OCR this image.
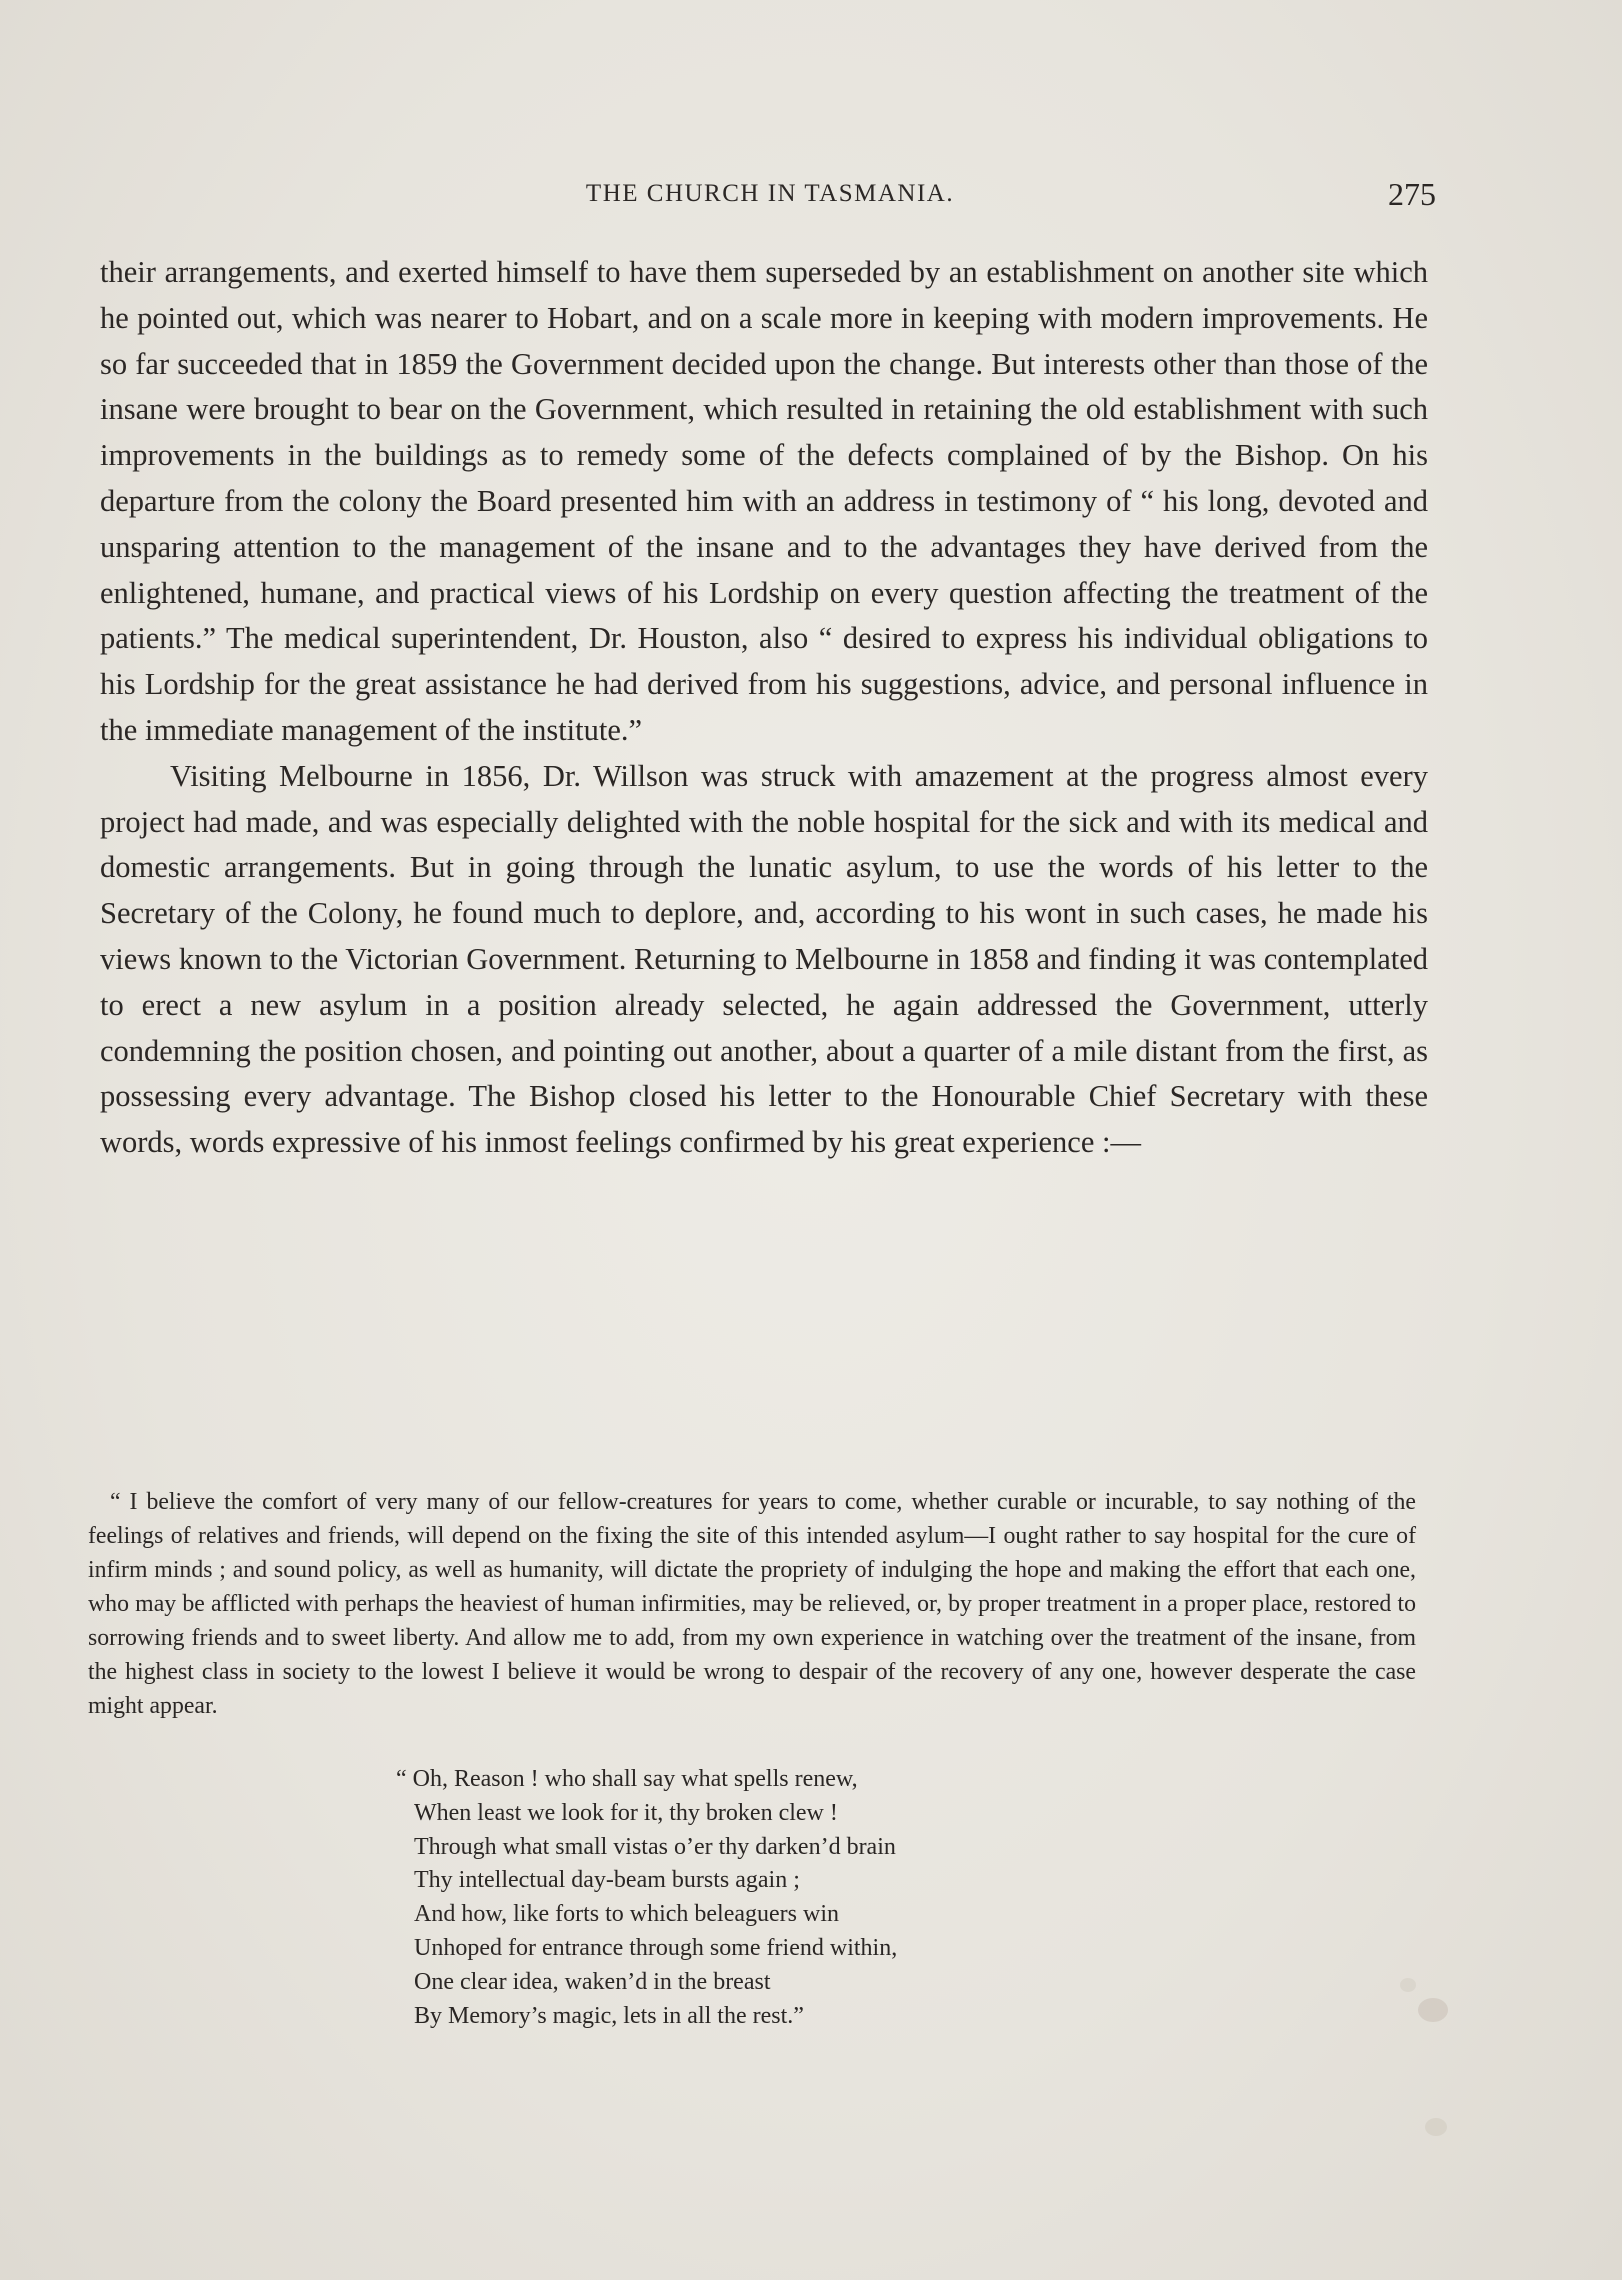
THE CHURCH IN TASMANIA.	275

their arrangements, and exerted himself to have them superseded by an establishment on another site which he pointed out, which was nearer to Hobart, and on a scale more in keeping with modern improvements. He so far succeeded that in 1859 the Government decided upon the change. But interests other than those of the insane were brought to bear on the Government, which resulted in retaining the old establishment with such improvements in the buildings as to remedy some of the defects complained of by the Bishop. On his departure from the colony the Board presented him with an address in testimony of “ his long, devoted and unsparing attention to the management of the insane and to the advantages they have derived from the enlightened, humane, and practical views of his Lordship on every question affecting the treatment of the patients.” The medical superintendent, Dr. Houston, also “ desired to express his individual obligations to his Lordship for the great assistance he had derived from his suggestions, advice, and personal influence in the immediate management of the institute.”

Visiting Melbourne in 1856, Dr. Willson was struck with amazement at the progress almost every project had made, and was especially delighted with the noble hospital for the sick and with its medical and domestic arrangements. But in going through the lunatic asylum, to use the words of his letter to the Secretary of the Colony, he found much to deplore, and, according to his wont in such cases, he made his views known to the Victorian Government. Returning to Melbourne in 1858 and finding it was contemplated to erect a new asylum in a position already selected, he again addressed the Government, utterly condemning the position chosen, and pointing out another, about a quarter of a mile distant from the first, as possessing every advantage. The Bishop closed his letter to the Honourable Chief Secretary with these words, words expressive of his inmost feelings confirmed by his great experience :—

“ I believe the comfort of very many of our fellow-creatures for years to come, whether curable or incurable, to say nothing of the feelings of relatives and friends, will depend on the fixing the site of this intended asylum—I ought rather to say hospital for the cure of infirm minds ; and sound policy, as well as humanity, will dictate the propriety of indulging the hope and making the effort that each one, who may be afflicted with perhaps the heaviest of human infirmities, may be relieved, or, by proper treatment in a proper place, restored to sorrowing friends and to sweet liberty. And allow me to add, from my own experience in watching over the treatment of the insane, from the highest class in society to the lowest I believe it would be wrong to despair of the recovery of any one, however desperate the case might appear.

“ Oh, Reason ! who shall say what spells renew,
When least we look for it, thy broken clew !
Through what small vistas o’er thy darken’d brain
Thy intellectual day-beam bursts again ;
And how, like forts to which beleaguers win
Unhoped for entrance through some friend within,
One clear idea, waken’d in the breast
By Memory’s magic, lets in all the rest.”
